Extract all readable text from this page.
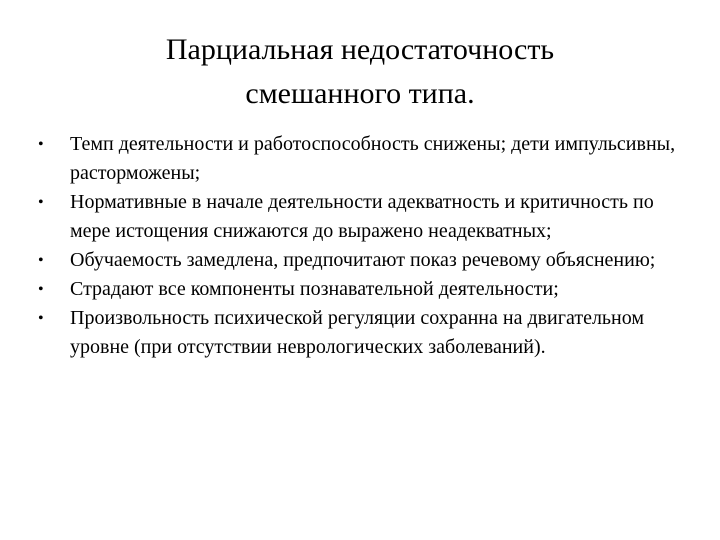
Парциальная недостаточность
смешанного типа.
• Темп деятельности и работоспособность снижены; дети импульсивны, расторможены;
• Нормативные в начале деятельности адекватность и критичность по мере истощения снижаются до выражено неадекватных;
• Обучаемость замедлена, предпочитают показ речевому объяснению;
• Страдают все компоненты познавательной деятельности;
• Произвольность психической регуляции сохранна на двигательном уровне (при отсутствии неврологических заболеваний).
